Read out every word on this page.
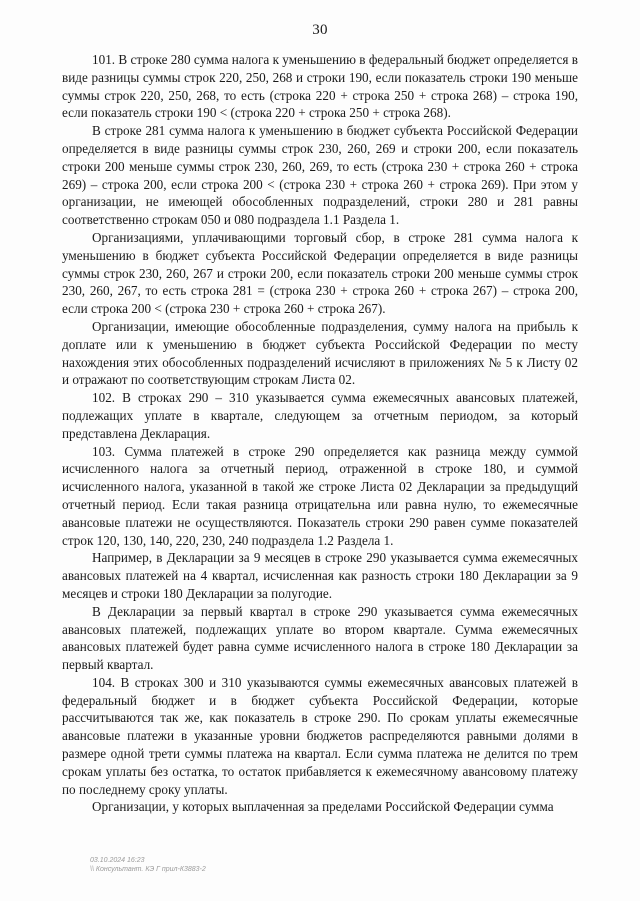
30

101. В строке 280 сумма налога к уменьшению в федеральный бюджет определяется в виде разницы суммы строк 220, 250, 268 и строки 190, если показатель строки 190 меньше суммы строк 220, 250, 268, то есть (строка 220 + строка 250 + строка 268) – строка 190, если показатель строки 190 < (строка 220 + строка 250 + строка 268).

В строке 281 сумма налога к уменьшению в бюджет субъекта Российской Федерации определяется в виде разницы суммы строк 230, 260, 269 и строки 200, если показатель строки 200 меньше суммы строк 230, 260, 269, то есть (строка 230 + строка 260 + строка 269) – строка 200, если строка 200 < (строка 230 + строка 260 + строка 269). При этом у организации, не имеющей обособленных подразделений, строки 280 и 281 равны соответственно строкам 050 и 080 подраздела 1.1 Раздела 1.

Организациями, уплачивающими торговый сбор, в строке 281 сумма налога к уменьшению в бюджет субъекта Российской Федерации определяется в виде разницы суммы строк 230, 260, 267 и строки 200, если показатель строки 200 меньше суммы строк 230, 260, 267, то есть строка 281 = (строка 230 + строка 260 + строка 267) – строка 200, если строка 200 < (строка 230 + строка 260 + строка 267).

Организации, имеющие обособленные подразделения, сумму налога на прибыль к доплате или к уменьшению в бюджет субъекта Российской Федерации по месту нахождения этих обособленных подразделений исчисляют в приложениях № 5 к Листу 02 и отражают по соответствующим строкам Листа 02.

102. В строках 290 – 310 указывается сумма ежемесячных авансовых платежей, подлежащих уплате в квартале, следующем за отчетным периодом, за который представлена Декларация.

103. Сумма платежей в строке 290 определяется как разница между суммой исчисленного налога за отчетный период, отраженной в строке 180, и суммой исчисленного налога, указанной в такой же строке Листа 02 Декларации за предыдущий отчетный период. Если такая разница отрицательна или равна нулю, то ежемесячные авансовые платежи не осуществляются. Показатель строки 290 равен сумме показателей строк 120, 130, 140, 220, 230, 240 подраздела 1.2 Раздела 1.

Например, в Декларации за 9 месяцев в строке 290 указывается сумма ежемесячных авансовых платежей на 4 квартал, исчисленная как разность строки 180 Декларации за 9 месяцев и строки 180 Декларации за полугодие.

В Декларации за первый квартал в строке 290 указывается сумма ежемесячных авансовых платежей, подлежащих уплате во втором квартале. Сумма ежемесячных авансовых платежей будет равна сумме исчисленного налога в строке 180 Декларации за первый квартал.

104. В строках 300 и 310 указываются суммы ежемесячных авансовых платежей в федеральный бюджет и в бюджет субъекта Российской Федерации, которые рассчитываются так же, как показатель в строке 290. По срокам уплаты ежемесячные авансовые платежи в указанные уровни бюджетов распределяются равными долями в размере одной трети суммы платежа на квартал. Если сумма платежа не делится по трем срокам уплаты без остатка, то остаток прибавляется к ежемесячному авансовому платежу по последнему сроку уплаты.

Организации, у которых выплаченная за пределами Российской Федерации сумма

03.10.2024 16:23
\\ Консультант. КЭ Г прил-К3883-2
